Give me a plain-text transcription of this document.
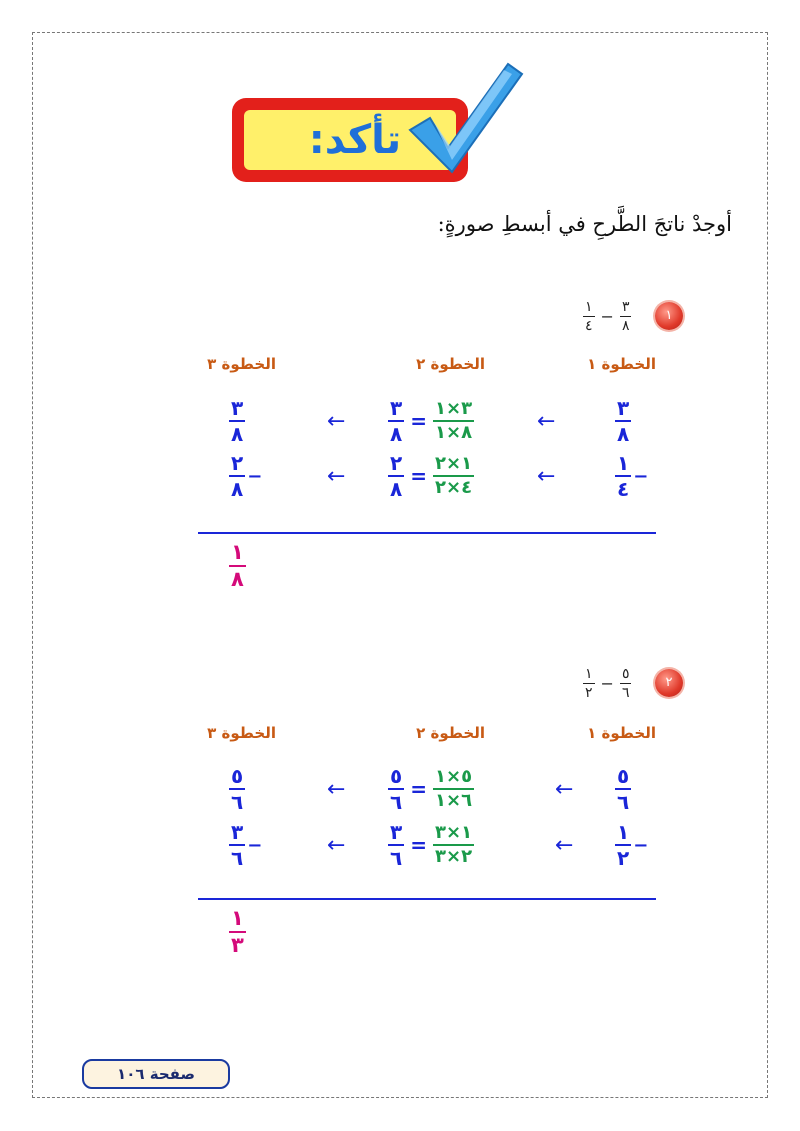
تأكد:
أوجدْ ناتجَ الطَّرحِ في أبسطِ صورةٍ:
١
$\frac{١}{٤} - \frac{٣}{٨}$
الخطوة ١
الخطوة ٢
الخطوة ٣
$\frac{٣}{٨}$
←
$\frac{٣}{٨} = \frac{٣\times ١}{٨\times ١}$
←
$\frac{٣}{٨}$
$\frac{١}{٤}$ −
←
$\frac{٢}{٨} = \frac{١\times ٢}{٤\times ٢}$
←
$\frac{٢}{٨}$ −
$\frac{١}{٨}$
٢
$\frac{١}{٢} - \frac{٥}{٦}$
الخطوة ١
الخطوة ٢
الخطوة ٣
$\frac{٥}{٦}$
←
$\frac{٥}{٦} = \frac{٥\times ١}{٦\times ١}$
←
$\frac{٥}{٦}$
$\frac{١}{٢}$ −
←
$\frac{٣}{٦} = \frac{١\times ٣}{٢\times ٣}$
←
$\frac{٣}{٦}$ −
$\frac{١}{٣}$
صفحة ١٠٦
